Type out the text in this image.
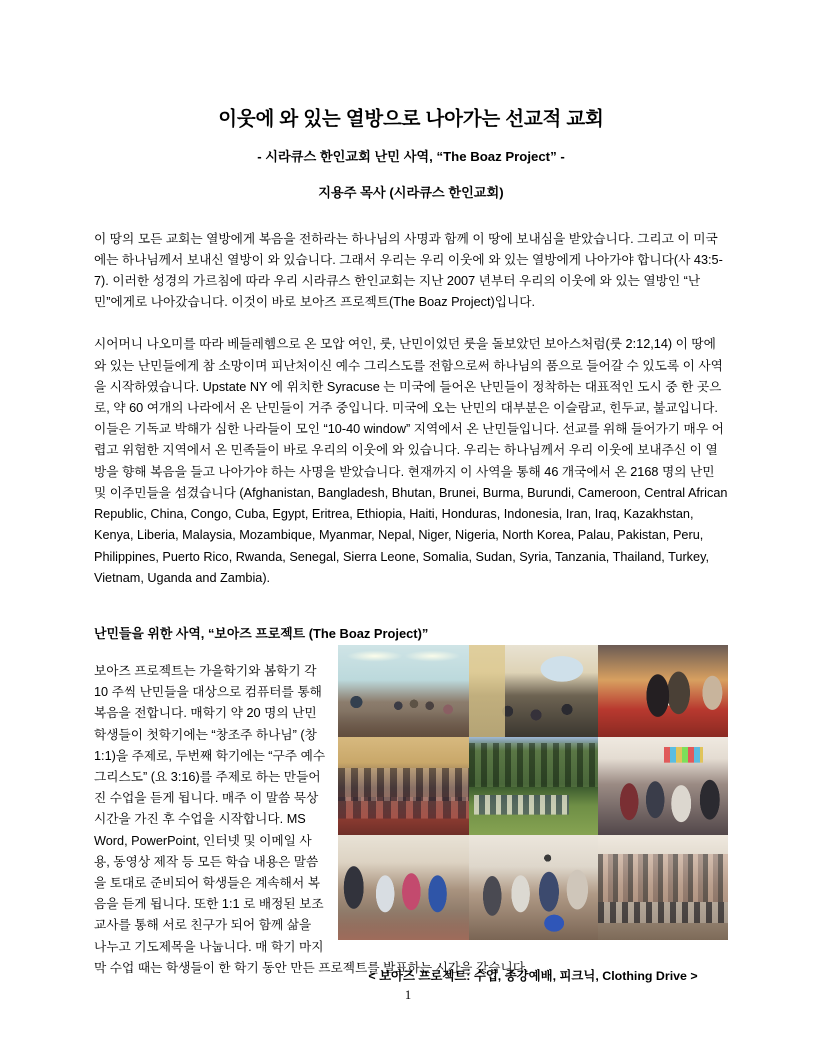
이웃에 와 있는 열방으로 나아가는 선교적 교회
- 시라큐스 한인교회 난민 사역, “The Boaz Project” -
지용주 목사 (시라큐스 한인교회)

이 땅의 모든 교회는 열방에게 복음을 전하라는 하나님의 사명과 함께 이 땅에 보내심을 받았습니다. 그리고 이 미국에는 하나님께서 보내신 열방이 와 있습니다. 그래서 우리는 우리 이웃에 와 있는 열방에게 나아가야 합니다(사 43:5-7). 이러한 성경의 가르침에 따라 우리 시라큐스 한인교회는 지난 2007 년부터 우리의 이웃에 와 있는 열방인 “난민”에게로 나아갔습니다. 이것이 바로 보아즈 프로젝트(The Boaz Project)입니다.

시어머니 나오미를 따라 베들레헴으로 온 모압 여인, 룻, 난민이었던 룻을 돌보았던 보아스처럼(룻 2:12,14) 이 땅에 와 있는 난민들에게 참 소망이며 피난처이신 예수 그리스도를 전함으로써 하나님의 품으로 들어갈 수 있도록 이 사역을 시작하였습니다. Upstate NY 에 위치한 Syracuse 는 미국에 들어온 난민들이 정착하는 대표적인 도시 중 한 곳으로, 약 60 여개의 나라에서 온 난민들이 거주 중입니다. 미국에 오는 난민의 대부분은 이슬람교, 힌두교, 불교입니다. 이들은 기독교 박해가 심한 나라들이 모인 “10-40 window” 지역에서 온 난민들입니다. 선교를 위해 들어가기 매우 어렵고 위험한 지역에서 온 민족들이 바로 우리의 이웃에 와 있습니다. 우리는 하나님께서 우리 이웃에 보내주신 이 열방을 향해 복음을 들고 나아가야 하는 사명을 받았습니다. 현재까지 이 사역을 통해 46 개국에서 온 2168 명의 난민 및 이주민들을 섬겼습니다 (Afghanistan, Bangladesh, Bhutan, Brunei, Burma, Burundi, Cameroon, Central African Republic, China, Congo, Cuba, Egypt, Eritrea, Ethiopia, Haiti, Honduras, Indonesia, Iran, Iraq, Kazakhstan, Kenya, Liberia, Malaysia, Mozambique, Myanmar, Nepal, Niger, Nigeria, North Korea, Palau, Pakistan, Peru, Philippines, Puerto Rico, Rwanda, Senegal, Sierra Leone, Somalia, Sudan, Syria, Tanzania, Thailand, Turkey, Vietnam, Uganda and Zambia).

난민들을 위한 사역, “보아즈 프로젝트 (The Boaz Project)”

보아즈 프로젝트는 가을학기와 봄학기 각 10 주씩 난민들을 대상으로 컴퓨터를 통해 복음을 전합니다. 매학기 약 20 명의 난민 학생들이 첫학기에는 “창조주 하나님” (창 1:1)을 주제로, 두번째 학기에는 “구주 예수 그리스도” (요 3:16)를 주제로 하는 만들어진 수업을 듣게 됩니다. 매주 이 말씀 묵상 시간을 가진 후 수업을 시작합니다. MS Word, PowerPoint, 인터넷 및 이메일 사용, 동영상 제작 등 모든 학습 내용은 말씀을 토대로 준비되어 학생들은 계속해서 복음을 듣게 됩니다. 또한 1:1 로 배정된 보조 교사를 통해 서로 친구가 되어 함께 삶을 나누고 기도제목을 나눕니다. 매 학기 마지막 수업 때는 학생들이 한 학기 동안 만든 프로젝트를 발표하는 시간을 갖습니다.

< 보아즈 프로젝트: 수업, 종강예배, 피크닉, Clothing Drive >
1
